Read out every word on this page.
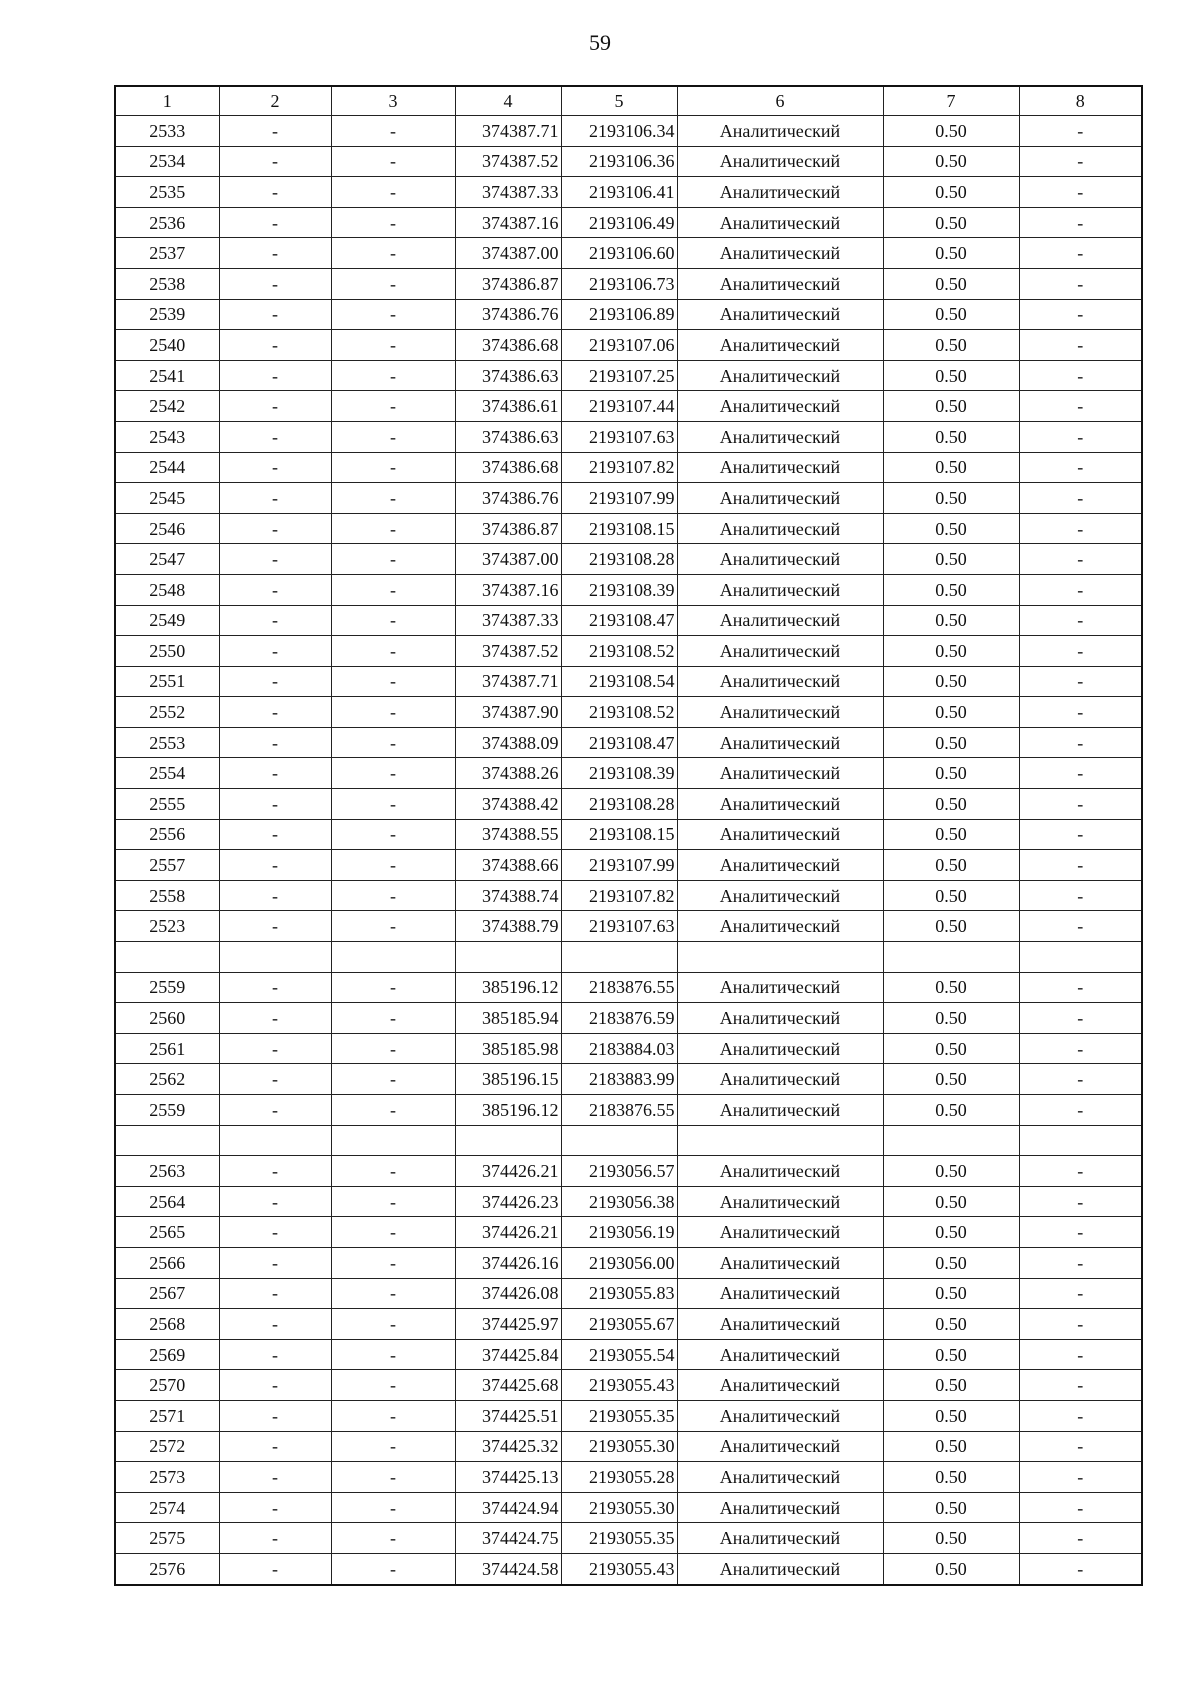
59
1	2	3	4	5	6	7	8
2533	-	-	374387.71	2193106.34	Аналитический	0.50	-
2534	-	-	374387.52	2193106.36	Аналитический	0.50	-
2535	-	-	374387.33	2193106.41	Аналитический	0.50	-
2536	-	-	374387.16	2193106.49	Аналитический	0.50	-
2537	-	-	374387.00	2193106.60	Аналитический	0.50	-
2538	-	-	374386.87	2193106.73	Аналитический	0.50	-
2539	-	-	374386.76	2193106.89	Аналитический	0.50	-
2540	-	-	374386.68	2193107.06	Аналитический	0.50	-
2541	-	-	374386.63	2193107.25	Аналитический	0.50	-
2542	-	-	374386.61	2193107.44	Аналитический	0.50	-
2543	-	-	374386.63	2193107.63	Аналитический	0.50	-
2544	-	-	374386.68	2193107.82	Аналитический	0.50	-
2545	-	-	374386.76	2193107.99	Аналитический	0.50	-
2546	-	-	374386.87	2193108.15	Аналитический	0.50	-
2547	-	-	374387.00	2193108.28	Аналитический	0.50	-
2548	-	-	374387.16	2193108.39	Аналитический	0.50	-
2549	-	-	374387.33	2193108.47	Аналитический	0.50	-
2550	-	-	374387.52	2193108.52	Аналитический	0.50	-
2551	-	-	374387.71	2193108.54	Аналитический	0.50	-
2552	-	-	374387.90	2193108.52	Аналитический	0.50	-
2553	-	-	374388.09	2193108.47	Аналитический	0.50	-
2554	-	-	374388.26	2193108.39	Аналитический	0.50	-
2555	-	-	374388.42	2193108.28	Аналитический	0.50	-
2556	-	-	374388.55	2193108.15	Аналитический	0.50	-
2557	-	-	374388.66	2193107.99	Аналитический	0.50	-
2558	-	-	374388.74	2193107.82	Аналитический	0.50	-
2523	-	-	374388.79	2193107.63	Аналитический	0.50	-

2559	-	-	385196.12	2183876.55	Аналитический	0.50	-
2560	-	-	385185.94	2183876.59	Аналитический	0.50	-
2561	-	-	385185.98	2183884.03	Аналитический	0.50	-
2562	-	-	385196.15	2183883.99	Аналитический	0.50	-
2559	-	-	385196.12	2183876.55	Аналитический	0.50	-

2563	-	-	374426.21	2193056.57	Аналитический	0.50	-
2564	-	-	374426.23	2193056.38	Аналитический	0.50	-
2565	-	-	374426.21	2193056.19	Аналитический	0.50	-
2566	-	-	374426.16	2193056.00	Аналитический	0.50	-
2567	-	-	374426.08	2193055.83	Аналитический	0.50	-
2568	-	-	374425.97	2193055.67	Аналитический	0.50	-
2569	-	-	374425.84	2193055.54	Аналитический	0.50	-
2570	-	-	374425.68	2193055.43	Аналитический	0.50	-
2571	-	-	374425.51	2193055.35	Аналитический	0.50	-
2572	-	-	374425.32	2193055.30	Аналитический	0.50	-
2573	-	-	374425.13	2193055.28	Аналитический	0.50	-
2574	-	-	374424.94	2193055.30	Аналитический	0.50	-
2575	-	-	374424.75	2193055.35	Аналитический	0.50	-
2576	-	-	374424.58	2193055.43	Аналитический	0.50	-
